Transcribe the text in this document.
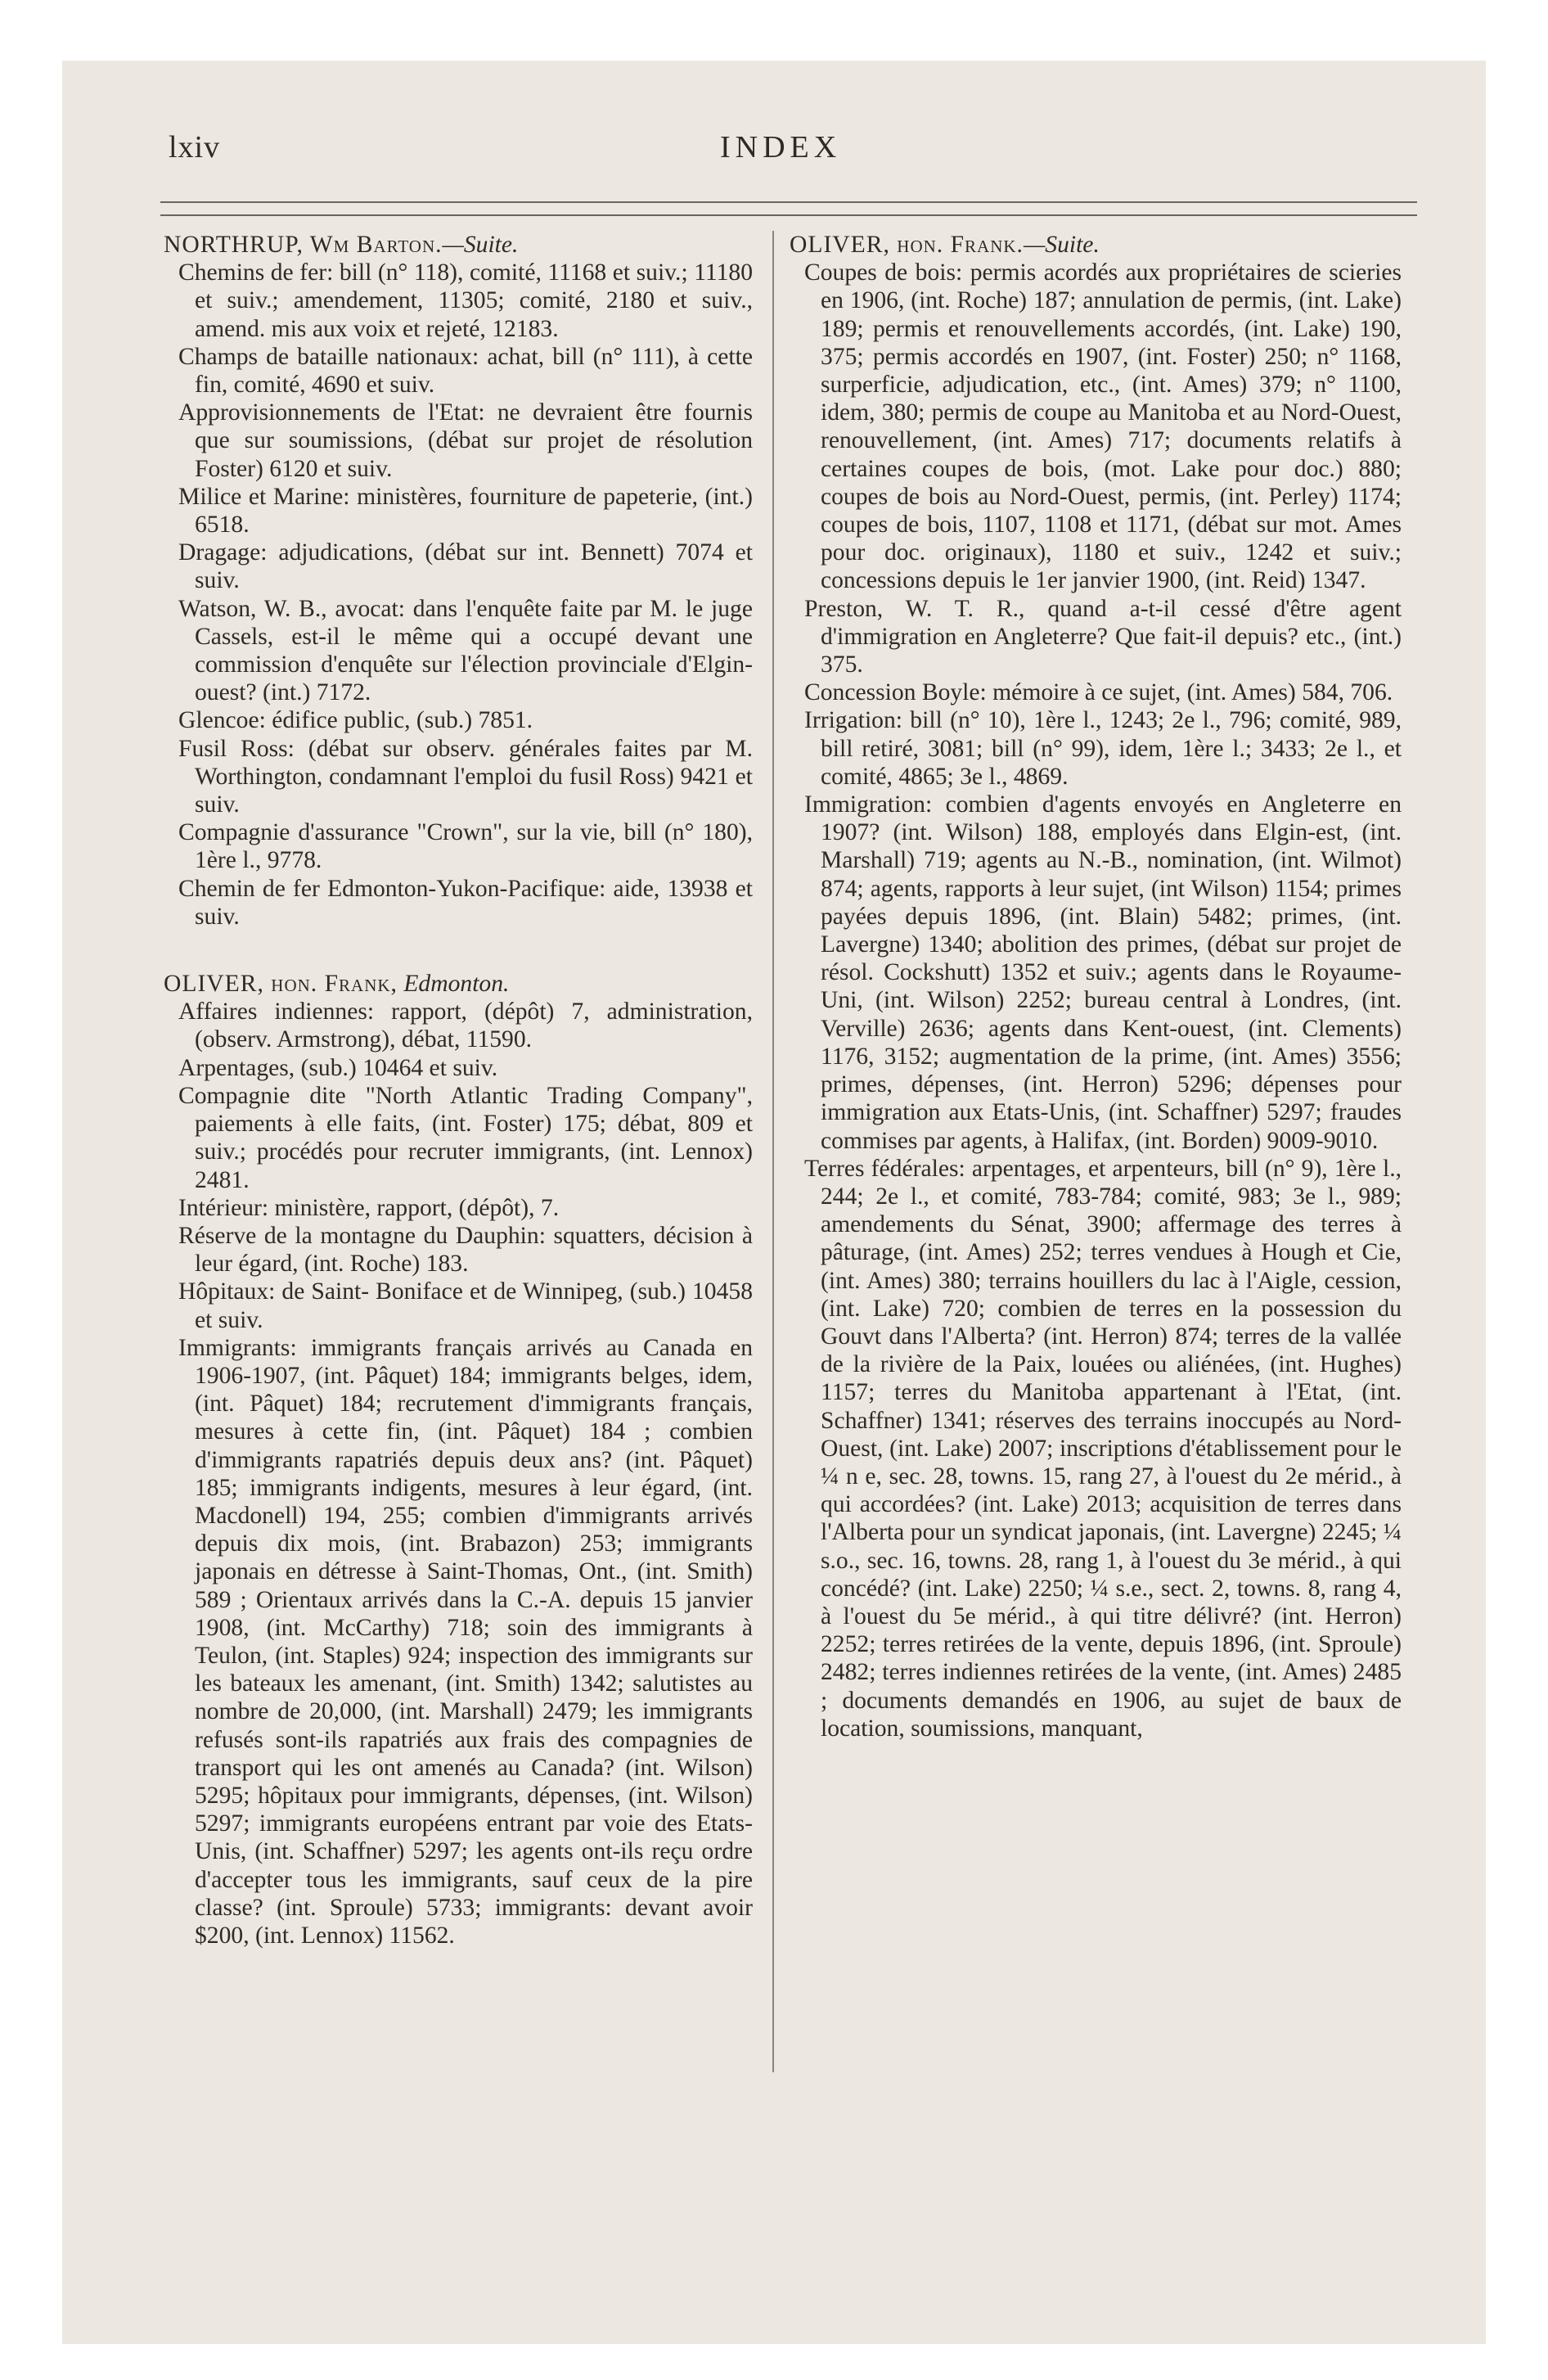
lxiv	INDEX

NORTHRUP, Wm Barton.—Suite.

Chemins de fer: bill (n° 118), comité, 11168 et suiv.; 11180 et suiv.; amendement, 11305; comité, 2180 et suiv., amend. mis aux voix et rejeté, 12183.

Champs de bataille nationaux: achat, bill (n° 111), à cette fin, comité, 4690 et suiv.

Approvisionnements de l'Etat: ne devraient être fournis que sur soumissions, (débat sur projet de résolution Foster) 6120 et suiv.

Milice et Marine: ministères, fourniture de papeterie, (int.) 6518.

Dragage: adjudications, (débat sur int. Bennett) 7074 et suiv.

Watson, W. B., avocat: dans l'enquête faite par M. le juge Cassels, est-il le même qui a occupé devant une commission d'enquête sur l'élection provinciale d'Elgin- ouest? (int.) 7172.

Glencoe: édifice public, (sub.) 7851.

Fusil Ross: (débat sur observ. générales faites par M. Worthington, condamnant l'emploi du fusil Ross) 9421 et suiv.

Compagnie d'assurance "Crown", sur la vie, bill (n° 180), 1ère l., 9778.

Chemin de fer Edmonton-Yukon-Pacifique: aide, 13938 et suiv.

OLIVER, hon. Frank, Edmonton.

Affaires indiennes: rapport, (dépôt) 7, administration, (observ. Armstrong), débat, 11590.

Arpentages, (sub.) 10464 et suiv.

Compagnie dite "North Atlantic Trading Company", paiements à elle faits, (int. Foster) 175; débat, 809 et suiv.; procédés pour recruter immigrants, (int. Lennox) 2481.

Intérieur: ministère, rapport, (dépôt), 7.

Réserve de la montagne du Dauphin: squatters, décision à leur égard, (int. Roche) 183.

Hôpitaux: de Saint- Boniface et de Winnipeg, (sub.) 10458 et suiv.

Immigrants: immigrants français arrivés au Canada en 1906-1907, (int. Pâquet) 184; immigrants belges, idem, (int. Pâquet) 184; recrutement d'immigrants français, mesures à cette fin, (int. Pâquet) 184 ; combien d'immigrants rapatriés depuis deux ans? (int. Pâquet) 185; immigrants indigents, mesures à leur égard, (int. Macdonell) 194, 255; combien d'immigrants arrivés depuis dix mois, (int. Brabazon) 253; immigrants japonais en détresse à Saint-Thomas, Ont., (int. Smith) 589 ; Orientaux arrivés dans la C.-A. depuis 15 janvier 1908, (int. McCarthy) 718; soin des immigrants à Teulon, (int. Staples) 924; inspection des immigrants sur les bateaux les amenant, (int. Smith) 1342; salutistes au nombre de 20,000, (int. Marshall) 2479; les immigrants refusés sont-ils rapatriés aux frais des compagnies de transport qui les ont amenés au Canada? (int. Wilson) 5295; hôpitaux pour immigrants, dépenses, (int. Wilson) 5297; immigrants européens entrant par voie des Etats-Unis, (int. Schaffner) 5297; les agents ont-ils reçu ordre d'accepter tous les immigrants, sauf ceux de la pire classe? (int. Sproule) 5733; immigrants: devant avoir $200, (int. Lennox) 11562.

OLIVER, hon. Frank.—Suite.

Coupes de bois: permis acordés aux propriétaires de scieries en 1906, (int. Roche) 187; annulation de permis, (int. Lake) 189; permis et renouvellements accordés, (int. Lake) 190, 375; permis accordés en 1907, (int. Foster) 250; n° 1168, surperficie, adjudication, etc., (int. Ames) 379; n° 1100, idem, 380; permis de coupe au Manitoba et au Nord-Ouest, renouvellement, (int. Ames) 717; documents relatifs à certaines coupes de bois, (mot. Lake pour doc.) 880; coupes de bois au Nord-Ouest, permis, (int. Perley) 1174; coupes de bois, 1107, 1108 et 1171, (débat sur mot. Ames pour doc. originaux), 1180 et suiv., 1242 et suiv.; concessions depuis le 1er janvier 1900, (int. Reid) 1347.

Preston, W. T. R., quand a-t-il cessé d'être agent d'immigration en Angleterre? Que fait-il depuis? etc., (int.) 375.

Concession Boyle: mémoire à ce sujet, (int. Ames) 584, 706.

Irrigation: bill (n° 10), 1ère l., 1243; 2e l., 796; comité, 989, bill retiré, 3081; bill (n° 99), idem, 1ère l.; 3433; 2e l., et comité, 4865; 3e l., 4869.

Immigration: combien d'agents envoyés en Angleterre en 1907? (int. Wilson) 188, employés dans Elgin-est, (int. Marshall) 719; agents au N.-B., nomination, (int. Wilmot) 874; agents, rapports à leur sujet, (int Wilson) 1154; primes payées depuis 1896, (int. Blain) 5482; primes, (int. Lavergne) 1340; abolition des primes, (débat sur projet de résol. Cockshutt) 1352 et suiv.; agents dans le Royaume-Uni, (int. Wilson) 2252; bureau central à Londres, (int. Verville) 2636; agents dans Kent-ouest, (int. Clements) 1176, 3152; augmentation de la prime, (int. Ames) 3556; primes, dépenses, (int. Herron) 5296; dépenses pour immigration aux Etats-Unis, (int. Schaffner) 5297; fraudes commises par agents, à Halifax, (int. Borden) 9009-9010.

Terres fédérales: arpentages, et arpenteurs, bill (n° 9), 1ère l., 244; 2e l., et comité, 783-784; comité, 983; 3e l., 989; amendements du Sénat, 3900; affermage des terres à pâturage, (int. Ames) 252; terres vendues à Hough et Cie, (int. Ames) 380; terrains houillers du lac à l'Aigle, cession, (int. Lake) 720; combien de terres en la possession du Gouvt dans l'Alberta? (int. Herron) 874; terres de la vallée de la rivière de la Paix, louées ou aliénées, (int. Hughes) 1157; terres du Manitoba appartenant à l'Etat, (int. Schaffner) 1341; réserves des terrains inoccupés au Nord-Ouest, (int. Lake) 2007; inscriptions d'établissement pour le ¼ n e, sec. 28, towns. 15, rang 27, à l'ouest du 2e mérid., à qui accordées? (int. Lake) 2013; acquisition de terres dans l'Alberta pour un syndicat japonais, (int. Lavergne) 2245; ¼ s.o., sec. 16, towns. 28, rang 1, à l'ouest du 3e mérid., à qui concédé? (int. Lake) 2250; ¼ s.e., sect. 2, towns. 8, rang 4, à l'ouest du 5e mérid., à qui titre délivré? (int. Herron) 2252; terres retirées de la vente, depuis 1896, (int. Sproule) 2482; terres indiennes retirées de la vente, (int. Ames) 2485 ; documents demandés en 1906, au sujet de baux de location, soumissions, manquant,
